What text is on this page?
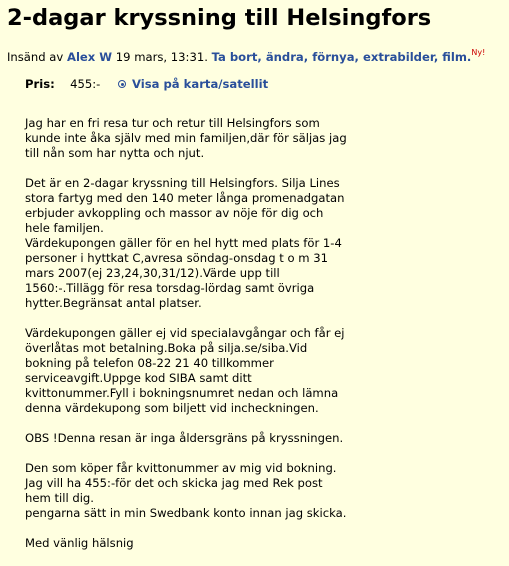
2-dagar kryssning till Helsingfors
Insänd av Alex W 19 mars, 13:31. Ta bort, ändra, förnya, extrabilder, film.$^{Ny!}$
Pris: 455:-	Visa på karta/satellit

Jag har en fri resa tur och retur till Helsingfors som
kunde inte åka själv med min familjen,där för säljas jag
till nån som har nytta och njut.

Det är en 2-dagar kryssning till Helsingfors. Silja Lines
stora fartyg med den 140 meter långa promenadgatan
erbjuder avkoppling och massor av nöje för dig och
hele familjen.
Värdekupongen gäller för en hel hytt med plats för 1-4
personer i hyttkat C,avresa söndag-onsdag t o m 31
mars 2007(ej 23,24,30,31/12).Värde upp till
1560:-.Tillägg för resa torsdag-lördag samt övriga
hytter.Begränsat antal platser.

Värdekupongen gäller ej vid specialavgångar och får ej
överlåtas mot betalning.Boka på silja.se/siba.Vid
bokning på telefon 08-22 21 40 tillkommer
serviceavgift.Uppge kod SIBA samt ditt
kvittonummer.Fyll i bokningsnumret nedan och lämna
denna värdekupong som biljett vid incheckningen.

OBS !Denna resan är inga åldersgräns på kryssningen.

Den som köper får kvittonummer av mig vid bokning.
Jag vill ha 455:-för det och skicka jag med Rek post
hem till dig.
pengarna sätt in min Swedbank konto innan jag skicka.

Med vänlig hälsnig
